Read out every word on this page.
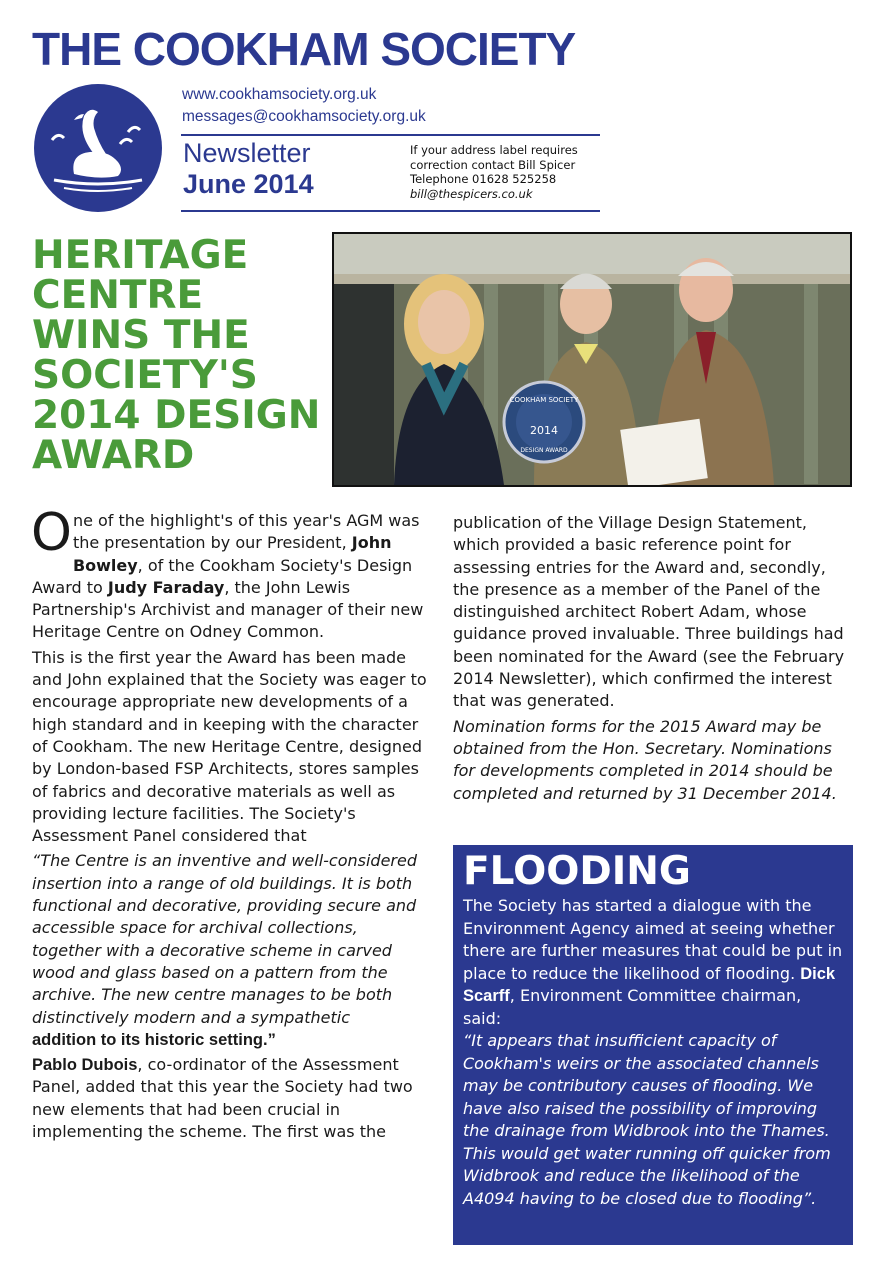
THE COOKHAM SOCIETY
www.cookhamsociety.org.uk
messages@cookhamsociety.org.uk
Newsletter
June 2014
If your address label requires
correction contact Bill Spicer
Telephone 01628 525258
bill@thespicers.co.uk
HERITAGE CENTRE WINS THE SOCIETY'S 2014 DESIGN AWARD
COOKHAM SOCIETY
2014
DESIGN AWARD

One of the highlight's of this year's AGM was the presentation by our President, John Bowley, of the Cookham Society's Design Award to Judy Faraday, the John Lewis Partnership's Archivist and manager of their new Heritage Centre on Odney Common.

This is the first year the Award has been made and John explained that the Society was eager to encourage appropriate new developments of a high standard and in keeping with the character of Cookham. The new Heritage Centre, designed by London-based FSP Architects, stores samples of fabrics and decorative materials as well as providing lecture facilities. The Society's Assessment Panel considered that

“The Centre is an inventive and well-considered insertion into a range of old buildings. It is both functional and decorative, providing secure and accessible space for archival collections, together with a decorative scheme in carved wood and glass based on a pattern from the archive. The new centre manages to be both distinctively modern and a sympathetic
addition to its historic setting.”

Pablo Dubois, co-ordinator of the Assessment Panel, added that this year the Society had two new elements that had been crucial in implementing the scheme. The first was the

publication of the Village Design Statement, which provided a basic reference point for assessing entries for the Award and, secondly, the presence as a member of the Panel of the distinguished architect Robert Adam, whose guidance proved invaluable. Three buildings had been nominated for the Award (see the February 2014 Newsletter), which confirmed the interest that was generated.

Nomination forms for the 2015 Award may be obtained from the Hon. Secretary. Nominations for developments completed in 2014 should be completed and returned by 31 December 2014.

FLOODING
The Society has started a dialogue with the Environment Agency aimed at seeing whether there are further measures that could be put in place to reduce the likelihood of flooding. Dick Scarff, Environment Committee chairman, said:
“It appears that insufficient capacity of Cookham's weirs or the associated channels may be contributory causes of flooding. We have also raised the possibility of improving the drainage from Widbrook into the Thames. This would get water running off quicker from Widbrook and reduce the likelihood of the A4094 having to be closed due to flooding”.
